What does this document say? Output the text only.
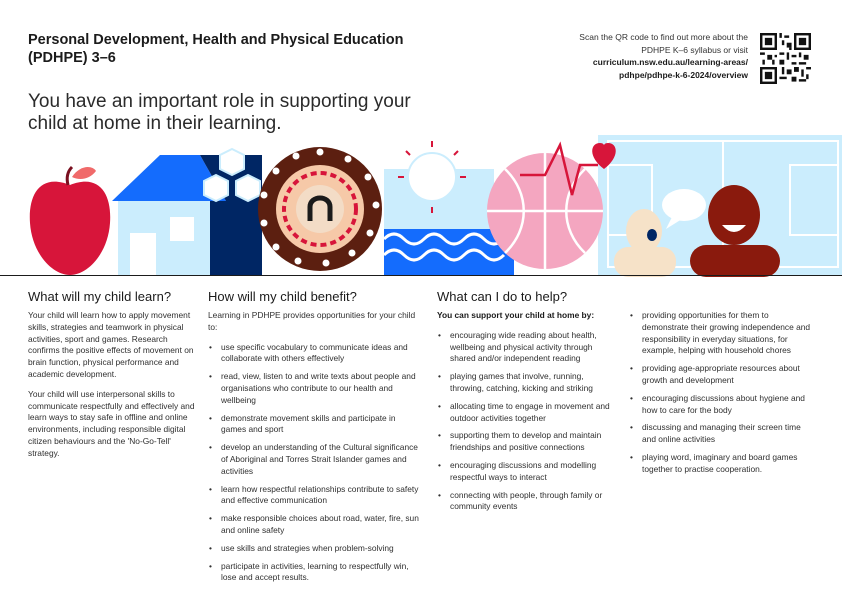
Personal Development, Health and Physical Education (PDHPE) 3–6
You have an important role in supporting your child at home in their learning.
Scan the QR code to find out more about the
PDHPE K–6 syllabus or visit
curriculum.nsw.edu.au/learning-areas/
pdhpe/pdhpe-k-6-2024/overview
What will my child learn?

Your child will learn how to apply movement skills, strategies and teamwork in physical activities, sport and games. Research confirms the positive effects of movement on brain function, physical performance and academic development.

Your child will use interpersonal skills to communicate respectfully and effectively and learn ways to stay safe in offline and online environments, including responsible digital citizen behaviours and the 'No-Go-Tell' strategy.

How will my child benefit?

Learning in PDHPE provides opportunities for your child to:

• use specific vocabulary to communicate ideas and collaborate with others effectively
• read, view, listen to and write texts about people and organisations who contribute to our health and wellbeing
• demonstrate movement skills and participate in games and sport
• develop an understanding of the Cultural significance of Aboriginal and Torres Strait Islander games and activities
• learn how respectful relationships contribute to safety and effective communication
• make responsible choices about road, water, fire, sun and online safety
• use skills and strategies when problem-solving
• participate in activities, learning to respectfully win, lose and accept results.
What can I do to help?
You can support your child at home by:
• encouraging wide reading about health, wellbeing and physical activity through shared and/or independent reading
• playing games that involve, running, throwing, catching, kicking and striking
• allocating time to engage in movement and outdoor activities together
• supporting them to develop and maintain friendships and positive connections
• encouraging discussions and modelling respectful ways to interact
• connecting with people, through family or community events
• providing opportunities for them to demonstrate their growing independence and responsibility in everyday situations, for example, helping with household chores
• providing age-appropriate resources about growth and development
• encouraging discussions about hygiene and how to care for the body
• discussing and managing their screen time and online activities
• playing word, imaginary and board games together to practise cooperation.
